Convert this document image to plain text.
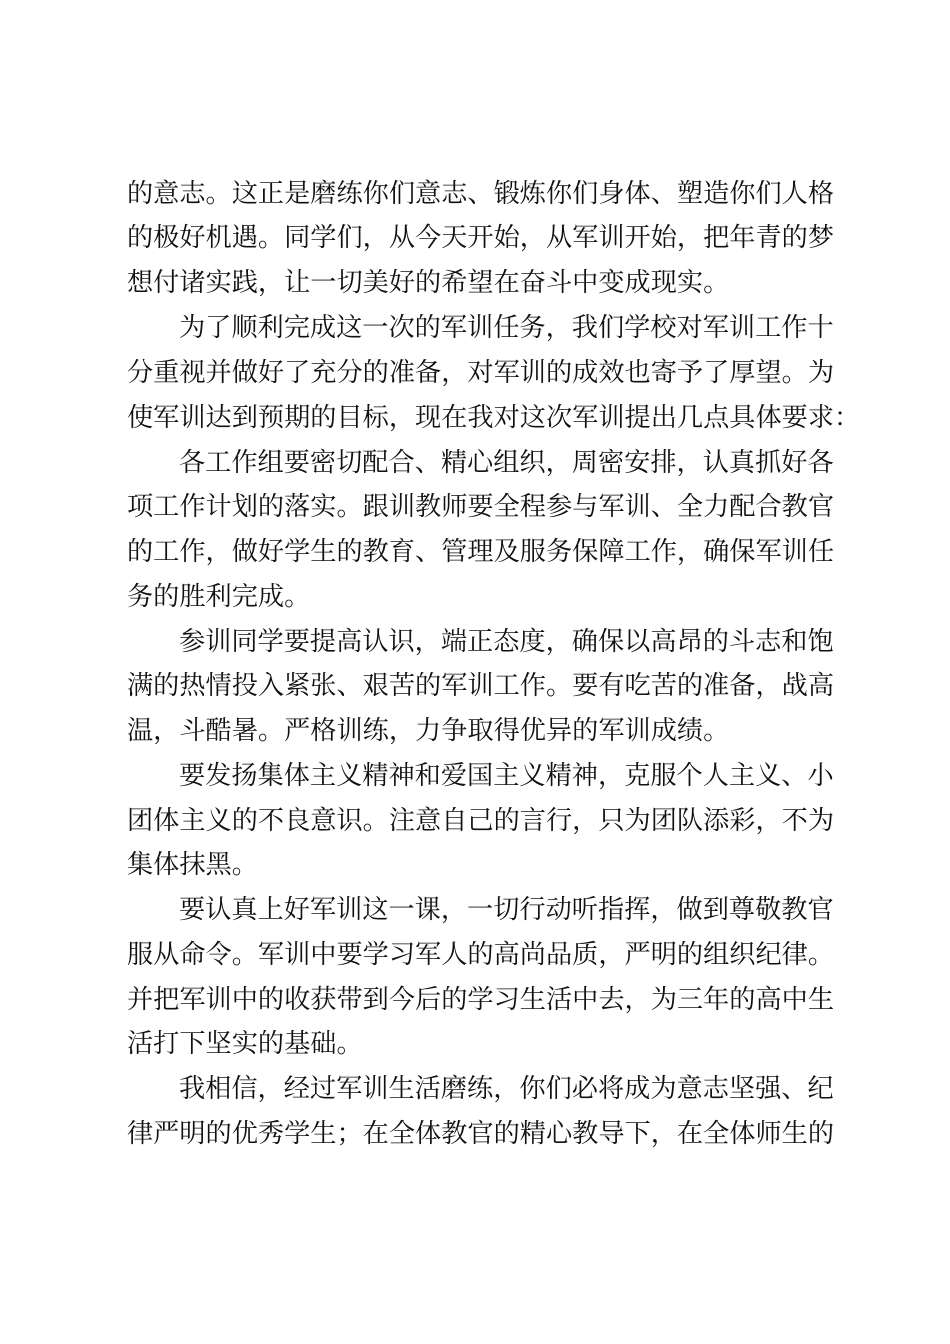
的意志。这正是磨练你们意志、锻炼你们身体、塑造你们人格
的极好机遇。同学们，从今天开始，从军训开始，把年青的梦
想付诸实践，让一切美好的希望在奋斗中变成现实。
为了顺利完成这一次的军训任务，我们学校对军训工作十
分重视并做好了充分的准备，对军训的成效也寄予了厚望。为
使军训达到预期的目标，现在我对这次军训提出几点具体要求：
各工作组要密切配合、精心组织，周密安排，认真抓好各
项工作计划的落实。跟训教师要全程参与军训、全力配合教官
的工作，做好学生的教育、管理及服务保障工作，确保军训任
务的胜利完成。
参训同学要提高认识，端正态度，确保以高昂的斗志和饱
满的热情投入紧张、艰苦的军训工作。要有吃苦的准备，战高
温，斗酷暑。严格训练，力争取得优异的军训成绩。
要发扬集体主义精神和爱国主义精神，克服个人主义、小
团体主义的不良意识。注意自己的言行，只为团队添彩，不为
集体抹黑。
要认真上好军训这一课，一切行动听指挥，做到尊敬教官
服从命令。军训中要学习军人的高尚品质，严明的组织纪律。
并把军训中的收获带到今后的学习生活中去，为三年的高中生
活打下坚实的基础。
我相信，经过军训生活磨练，你们必将成为意志坚强、纪
律严明的优秀学生；在全体教官的精心教导下，在全体师生的
